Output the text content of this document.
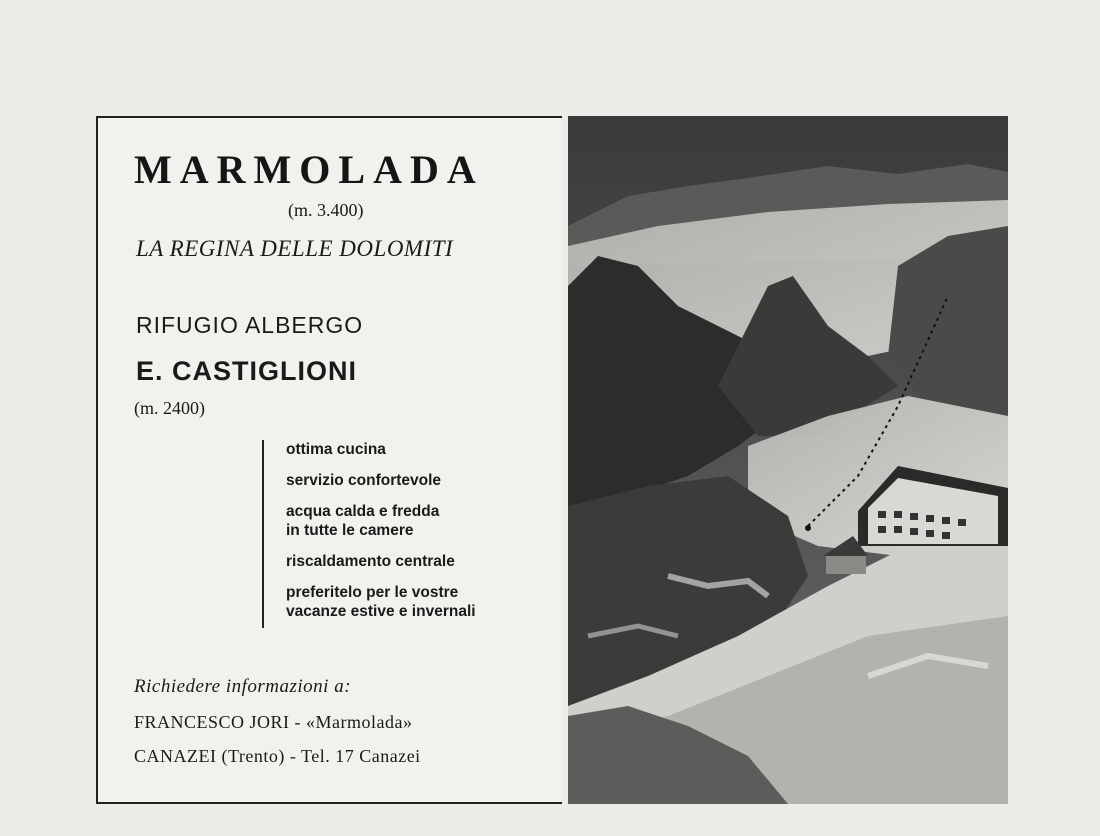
MARMOLADA
(m. 3.400)
LA REGINA DELLE DOLOMITI
RIFUGIO ALBERGO
E. CASTIGLIONI
(m. 2400)

ottima cucina

servizio confortevole

acqua calda e fredda
in tutte le camere

riscaldamento centrale

preferitelo per le vostre
vacanze estive e invernali

Richiedere informazioni a:
FRANCESCO JORI - «Marmolada»
CANAZEI (Trento) - Tel. 17 Canazei
